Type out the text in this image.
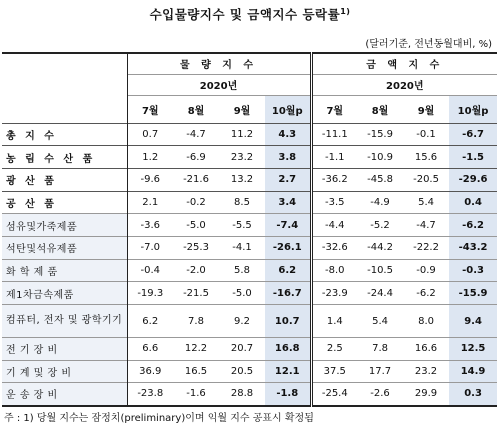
수입물량지수 및 금액지수 등락률$^{1)}$
(달러기준, 전년동월대비, %)
	물 량 지 수				금 액 지 수			
	2020년				2020년			
	7월	8월	9월	10월p	7월	8월	9월	10월p
총 지 수	0.7	-4.7	11.2	4.3	-11.1	-15.9	-0.1	-6.7
농 림 수 산 품	1.2	-6.9	23.2	3.8	-1.1	-10.9	15.6	-1.5
광 산 품	-9.6	-21.6	13.2	2.7	-36.2	-45.8	-20.5	-29.6
공 산 품	2.1	-0.2	8.5	3.4	-3.5	-4.9	5.4	0.4
섬유및가죽제품	-3.6	-5.0	-5.5	-7.4	-4.4	-5.2	-4.7	-6.2
석탄및석유제품	-7.0	-25.3	-4.1	-26.1	-32.6	-44.2	-22.2	-43.2
화 학 제 품	-0.4	-2.0	5.8	6.2	-8.0	-10.5	-0.9	-0.3
제1차금속제품	-19.3	-21.5	-5.0	-16.7	-23.9	-24.4	-6.2	-15.9
컴퓨터, 전자 및 광학기기	6.2	7.8	9.2	10.7	1.4	5.4	8.0	9.4
전 기 장 비	6.6	12.2	20.7	16.8	2.5	7.8	16.6	12.5
기 계 및 장 비	36.9	16.5	20.5	12.1	37.5	17.7	23.2	14.9
운 송 장 비	-23.8	-1.6	28.8	-1.8	-25.4	-2.6	29.9	0.3
주 : 1) 당월 지수는 잠정치(preliminary)이며 익월 지수 공표시 확정됨
